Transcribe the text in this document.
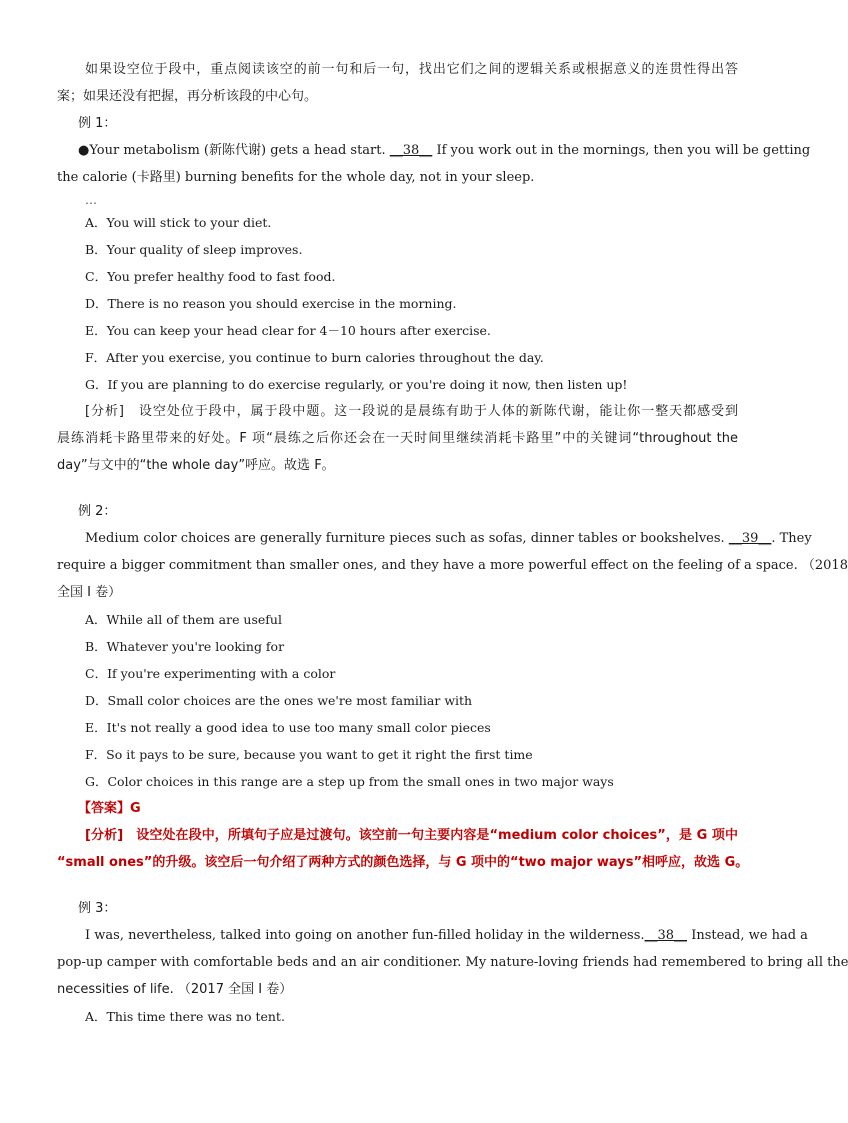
如果设空位于段中，重点阅读该空的前一句和后一句，找出它们之间的逻辑关系或根据意义的连贯性得出答
案；如果还没有把握，再分析该段的中心句。
例 1：
●Your metabolism (新陈代谢) gets a head start. __38__ If you work out in the mornings, then you will be getting
the calorie (卡路里) burning benefits for the whole day, not in your sleep.
…
A．You will stick to your diet.
B．Your quality of sleep improves.
C．You prefer healthy food to fast food.
D．There is no reason you should exercise in the morning.
E．You can keep your head clear for 4－10 hours after exercise.
F．After you exercise, you continue to burn calories throughout the day.
G．If you are planning to do exercise regularly, or you're doing it now, then listen up!
[分析]　设空处位于段中，属于段中题。这一段说的是晨练有助于人体的新陈代谢，能让你一整天都感受到
晨练消耗卡路里带来的好处。F 项“晨练之后你还会在一天时间里继续消耗卡路里”中的关键词“throughout the
day”与文中的“the whole day”呼应。故选 F。
例 2：
Medium color choices are generally furniture pieces such as sofas, dinner tables or bookshelves. __39__. They
require a bigger commitment than smaller ones, and they have a more powerful effect on the feeling of a space. （2018
全国 I 卷）
A．While all of them are useful
B．Whatever you're looking for
C．If you're experimenting with a color
D．Small color choices are the ones we're most familiar with
E．It's not really a good idea to use too many small color pieces
F．So it pays to be sure, because you want to get it right the first time
G．Color choices in this range are a step up from the small ones in two major ways
【答案】G
[分析]　设空处在段中，所填句子应是过渡句。该空前一句主要内容是“medium color choices”，是 G 项中
“small ones”的升级。该空后一句介绍了两种方式的颜色选择，与 G 项中的“two major ways”相呼应，故选 G。
例 3：
I was, nevertheless, talked into going on another fun-filled holiday in the wilderness.__38__ Instead, we had a
pop-up camper with comfortable beds and an air conditioner. My nature-loving friends had remembered to bring all the
necessities of life. （2017 全国 I 卷）
A．This time there was no tent.
